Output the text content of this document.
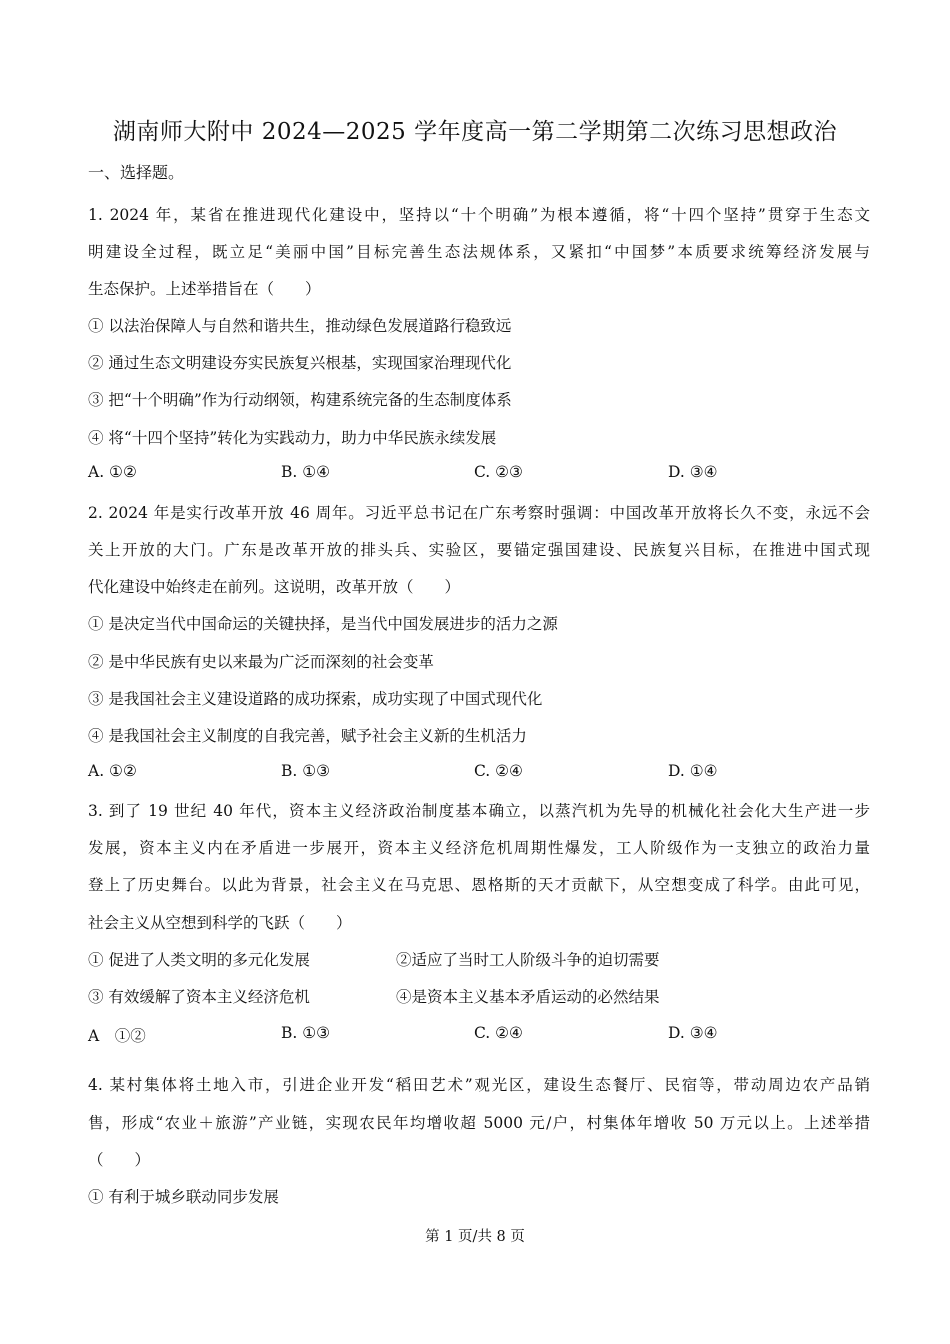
湖南师大附中 2024—2025 学年度高一第二学期第二次练习思想政治
一、选择题。
1. 2024 年，某省在推进现代化建设中，坚持以“十个明确”为根本遵循，将“十四个坚持”贯穿于生态文
明建设全过程，既立足“美丽中国”目标完善生态法规体系，又紧扣“中国梦”本质要求统筹经济发展与
生态保护。上述举措旨在（　　）
① 以法治保障人与自然和谐共生，推动绿色发展道路行稳致远
② 通过生态文明建设夯实民族复兴根基，实现国家治理现代化
③ 把“十个明确”作为行动纲领，构建系统完备的生态制度体系
④ 将“十四个坚持”转化为实践动力，助力中华民族永续发展
A. ①②	B. ①④	C. ②③	D. ③④
2. 2024 年是实行改革开放 46 周年。习近平总书记在广东考察时强调：中国改革开放将长久不变，永远不会
关上开放的大门。广东是改革开放的排头兵、实验区，要锚定强国建设、民族复兴目标，在推进中国式现
代化建设中始终走在前列。这说明，改革开放（　　）
① 是决定当代中国命运的关键抉择，是当代中国发展进步的活力之源
② 是中华民族有史以来最为广泛而深刻的社会变革
③ 是我国社会主义建设道路的成功探索，成功实现了中国式现代化
④ 是我国社会主义制度的自我完善，赋予社会主义新的生机活力
A. ①②	B. ①③	C. ②④	D. ①④
3. 到了 19 世纪 40 年代，资本主义经济政治制度基本确立，以蒸汽机为先导的机械化社会化大生产进一步
发展，资本主义内在矛盾进一步展开，资本主义经济危机周期性爆发，工人阶级作为一支独立的政治力量
登上了历史舞台。以此为背景，社会主义在马克思、恩格斯的天才贡献下，从空想变成了科学。由此可见，
社会主义从空想到科学的飞跃（　　）
① 促进了人类文明的多元化发展	②适应了当时工人阶级斗争的迫切需要
③ 有效缓解了资本主义经济危机	④是资本主义基本矛盾运动的必然结果
A　①②	B. ①③	C. ②④	D. ③④
4. 某村集体将土地入市，引进企业开发“稻田艺术”观光区，建设生态餐厅、民宿等，带动周边农产品销
售，形成“农业＋旅游”产业链，实现农民年均增收超 5000 元/户，村集体年增收 50 万元以上。上述举措
（　　）
① 有利于城乡联动同步发展
第 1 页/共 8 页
